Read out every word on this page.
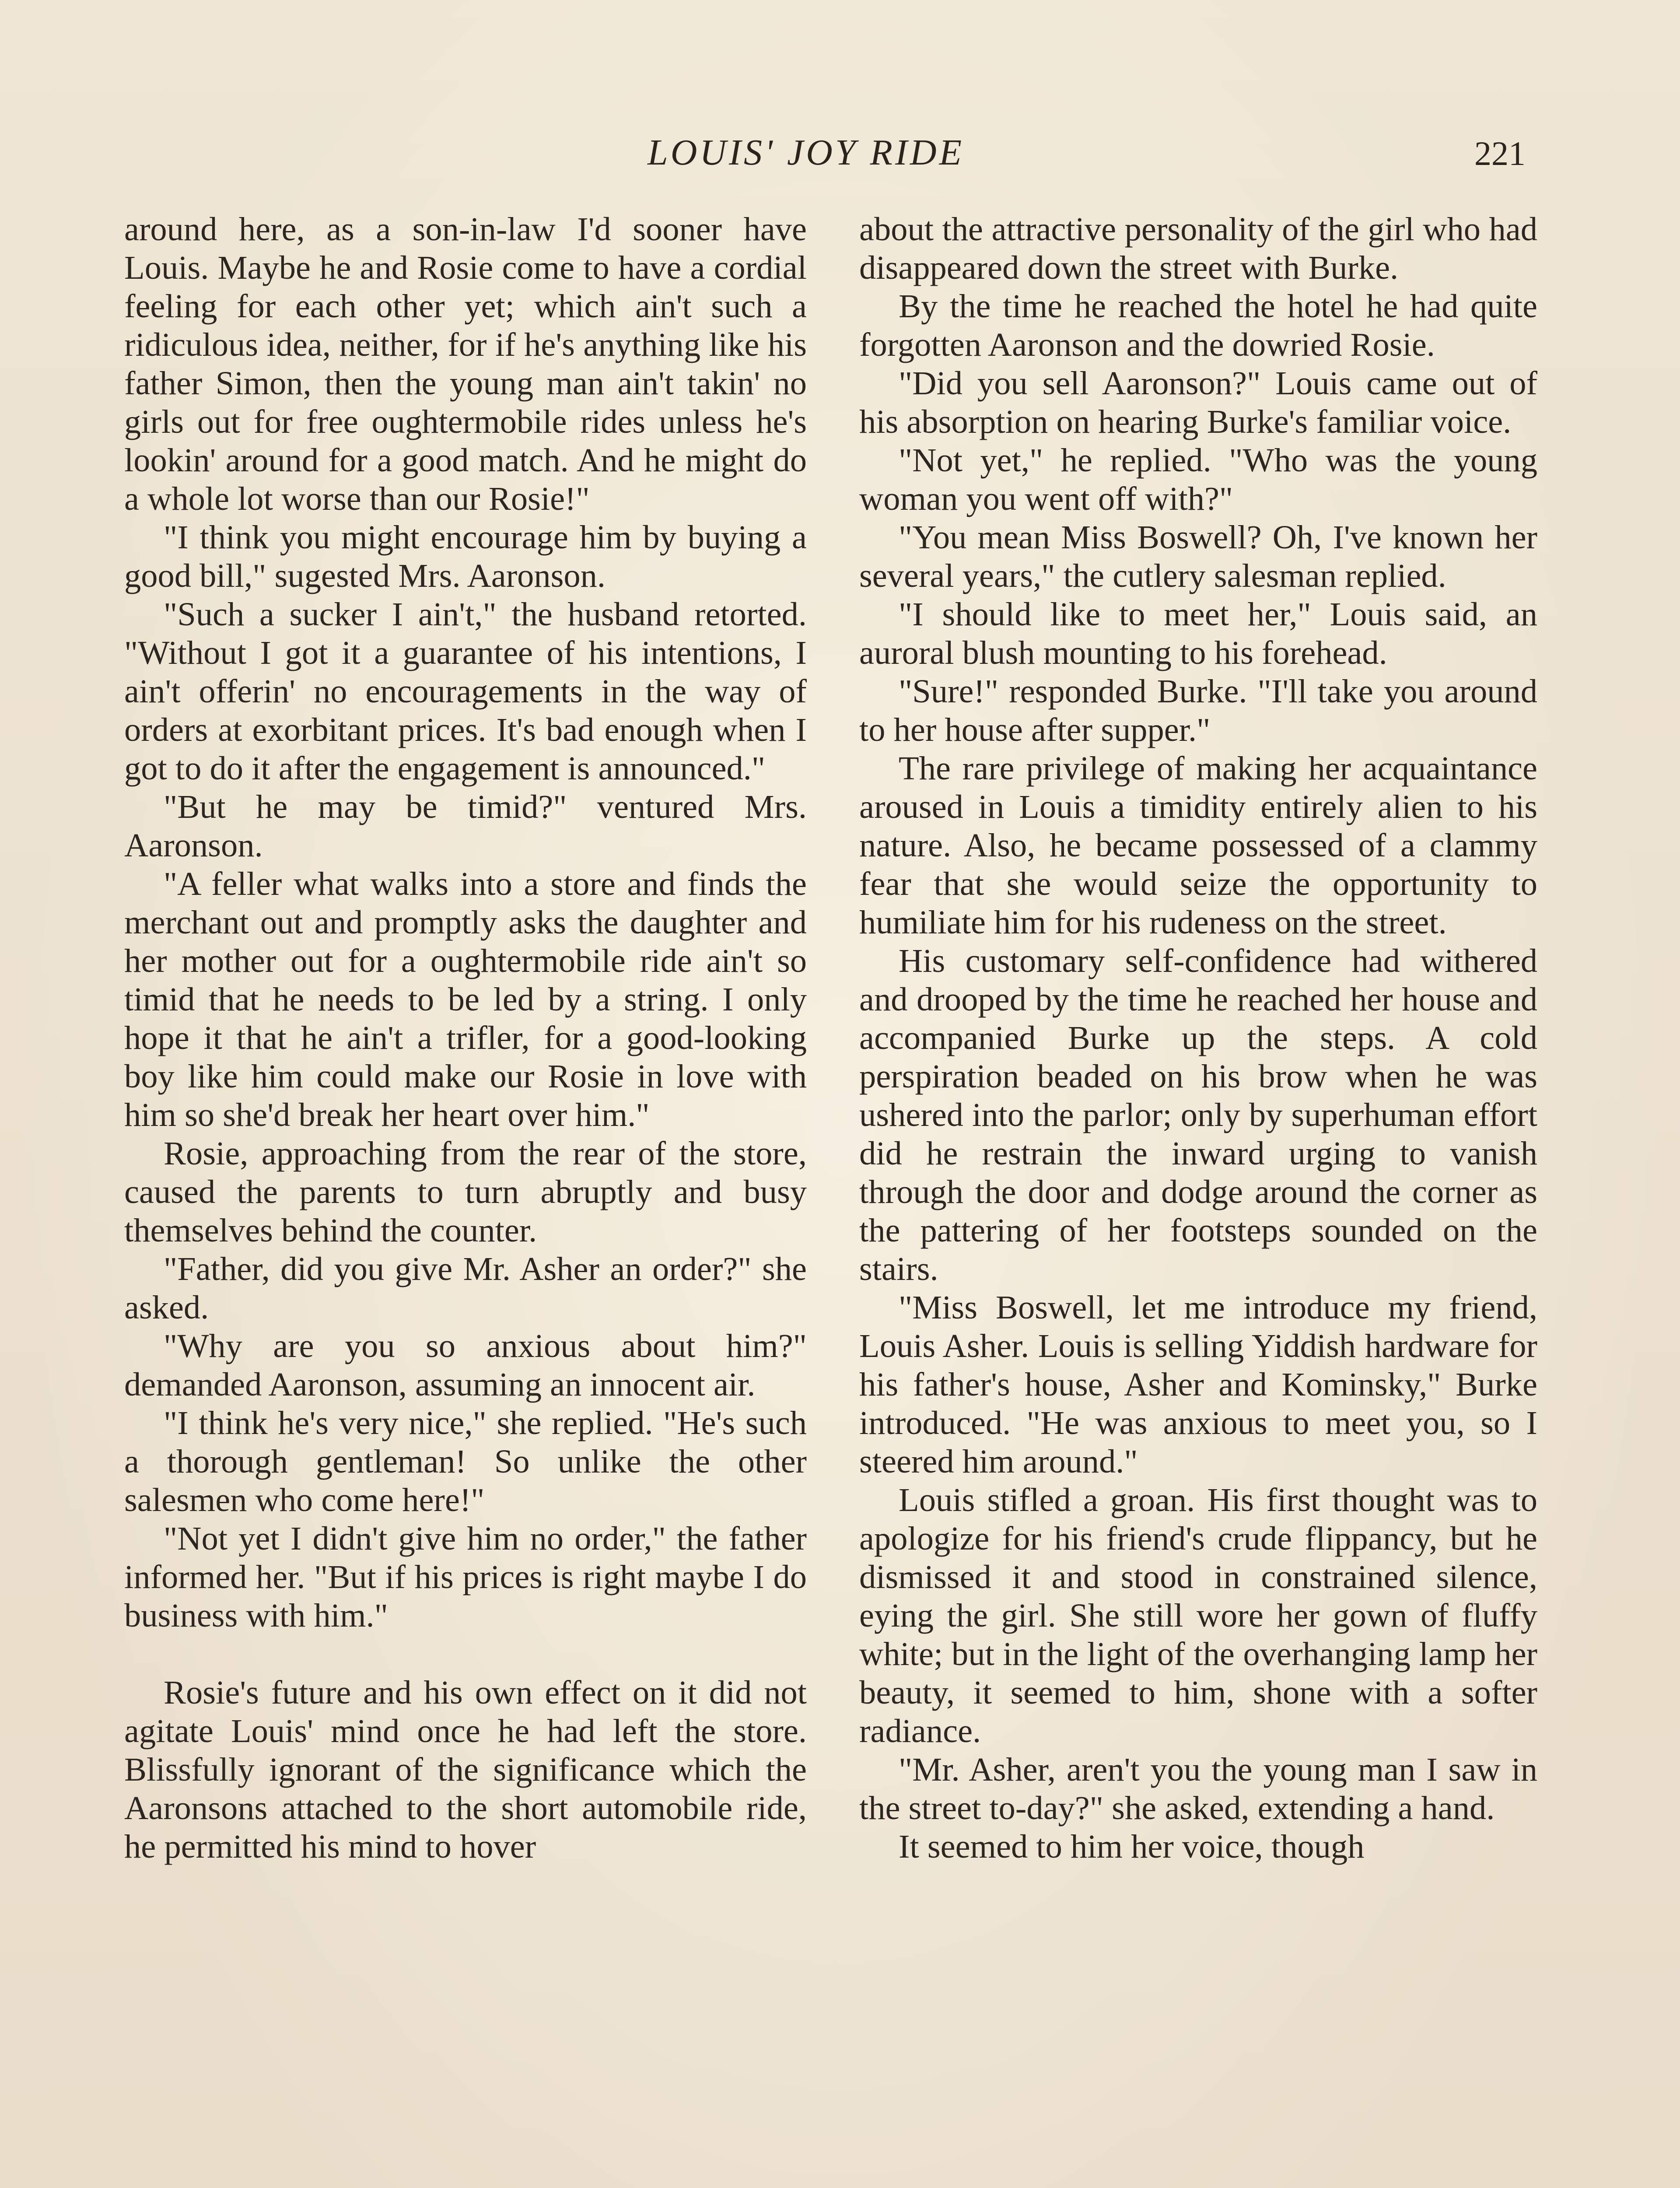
LOUIS' JOY RIDE	221

around here, as a son-in-law I'd sooner have Louis. Maybe he and Rosie come to have a cordial feeling for each other yet; which ain't such a ridiculous idea, neither, for if he's anything like his father Simon, then the young man ain't takin' no girls out for free oughtermobile rides unless he's lookin' around for a good match. And he might do a whole lot worse than our Rosie!"

"I think you might encourage him by buying a good bill," sugested Mrs. Aaronson.

"Such a sucker I ain't," the husband retorted. "Without I got it a guarantee of his intentions, I ain't offerin' no encouragements in the way of orders at exorbitant prices. It's bad enough when I got to do it after the engagement is announced."

"But he may be timid?" ventured Mrs. Aaronson.

"A feller what walks into a store and finds the merchant out and promptly asks the daughter and her mother out for a oughtermobile ride ain't so timid that he needs to be led by a string. I only hope it that he ain't a trifler, for a good-looking boy like him could make our Rosie in love with him so she'd break her heart over him."

Rosie, approaching from the rear of the store, caused the parents to turn abruptly and busy themselves behind the counter.

"Father, did you give Mr. Asher an order?" she asked.

"Why are you so anxious about him?" demanded Aaronson, assuming an innocent air.

"I think he's very nice," she replied. "He's such a thorough gentleman! So unlike the other salesmen who come here!"

"Not yet I didn't give him no order," the father informed her. "But if his prices is right maybe I do business with him."

Rosie's future and his own effect on it did not agitate Louis' mind once he had left the store. Blissfully ignorant of the significance which the Aaronsons attached to the short automobile ride, he permitted his mind to hover

about the attractive personality of the girl who had disappeared down the street with Burke.

By the time he reached the hotel he had quite forgotten Aaronson and the dowried Rosie.

"Did you sell Aaronson?" Louis came out of his absorption on hearing Burke's familiar voice.

"Not yet," he replied. "Who was the young woman you went off with?"

"You mean Miss Boswell? Oh, I've known her several years," the cutlery salesman replied.

"I should like to meet her," Louis said, an auroral blush mounting to his forehead.

"Sure!" responded Burke. "I'll take you around to her house after supper."

The rare privilege of making her acquaintance aroused in Louis a timidity entirely alien to his nature. Also, he became possessed of a clammy fear that she would seize the opportunity to humiliate him for his rudeness on the street.

His customary self-confidence had withered and drooped by the time he reached her house and accompanied Burke up the steps. A cold perspiration beaded on his brow when he was ushered into the parlor; only by superhuman effort did he restrain the inward urging to vanish through the door and dodge around the corner as the pattering of her footsteps sounded on the stairs.

"Miss Boswell, let me introduce my friend, Louis Asher. Louis is selling Yiddish hardware for his father's house, Asher and Kominsky," Burke introduced. "He was anxious to meet you, so I steered him around."

Louis stifled a groan. His first thought was to apologize for his friend's crude flippancy, but he dismissed it and stood in constrained silence, eying the girl. She still wore her gown of fluffy white; but in the light of the overhanging lamp her beauty, it seemed to him, shone with a softer radiance.

"Mr. Asher, aren't you the young man I saw in the street to-day?" she asked, extending a hand.

It seemed to him her voice, though
